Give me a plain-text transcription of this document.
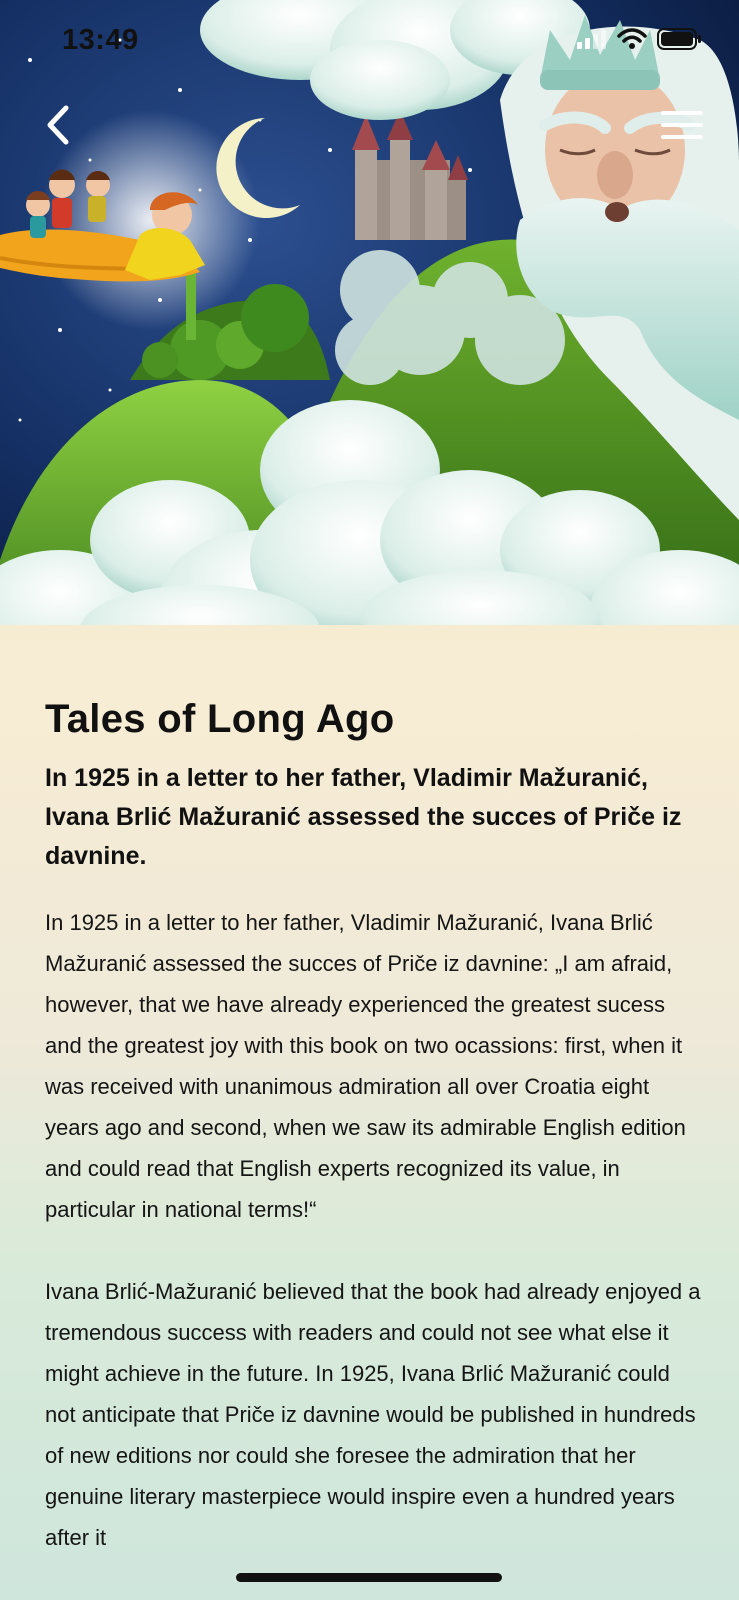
13:49
Tales of Long Ago
In 1925 in a letter to her father, Vladimir Mažuranić, Ivana Brlić Mažuranić assessed the succes of Priče iz davnine.

In 1925 in a letter to her father, Vladimir Mažuranić, Ivana Brlić Mažuranić assessed the succes of Priče iz davnine: „I am afraid, however, that we have already experienced the greatest sucess and the greatest joy with this book on two ocassions: first, when it was received with unanimous admiration all over Croatia eight years ago and second, when we saw its admirable English edition and could read that English experts recognized its value, in particular in national terms!“

Ivana Brlić-Mažuranić believed that the book had already enjoyed a tremendous success with readers and could not see what else it might achieve in the future. In 1925, Ivana Brlić Mažuranić could not anticipate that Priče iz davnine would be published in hundreds of new editions nor could she foresee the admiration that her genuine literary masterpiece would inspire even a hundred years after it
